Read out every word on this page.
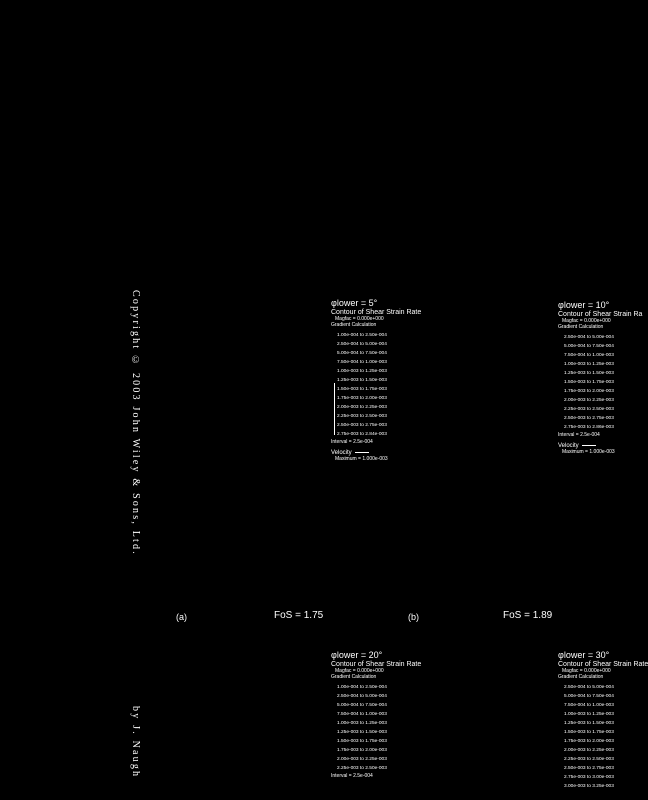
Copyright © 2003 John Wiley & Sons, Ltd.
by J. Naugh
φlower = 5°
Contour of Shear Strain Rate
Magfac = 0.000e+000
Gradient Calculation
1.00e-004 to 2.50e-004
2.50e-004 to 5.00e-004
5.00e-004 to 7.50e-004
7.50e-004 to 1.00e-003
1.00e-003 to 1.25e-003
1.25e-003 to 1.50e-003
1.50e-003 to 1.75e-003
1.75e-003 to 2.00e-003
2.00e-003 to 2.25e-003
2.25e-003 to 2.50e-003
2.50e-003 to 2.75e-003
2.75e-003 to 2.84e-003
Interval = 2.5e-004
Velocity
Maximum = 1.000e-003
φlower = 10°
Contour of Shear Strain Ra
Magfac = 0.000e+000
Gradient Calculation
2.50e-004 to 5.00e-004
5.00e-004 to 7.50e-004
7.50e-004 to 1.00e-003
1.00e-003 to 1.25e-003
1.25e-003 to 1.50e-003
1.50e-003 to 1.75e-003
1.75e-003 to 2.00e-003
2.00e-003 to 2.25e-003
2.25e-003 to 2.50e-003
2.50e-003 to 2.75e-003
2.75e-003 to 2.86e-003
Interval = 2.5e-004
Velocity
Maximum = 1.000e-003
(a)	FoS = 1.75	(b)	FoS = 1.89
φlower = 20°
Contour of Shear Strain Rate
Magfac = 0.000e+000
Gradient Calculation
1.00e-004 to 2.50e-004
2.50e-004 to 5.00e-004
5.00e-004 to 7.50e-004
7.50e-004 to 1.00e-003
1.00e-003 to 1.25e-003
1.25e-003 to 1.50e-003
1.50e-003 to 1.75e-003
1.75e-003 to 2.00e-003
2.00e-003 to 2.25e-003
2.25e-003 to 2.50e-003
Interval = 2.5e-004
φlower = 30°
Contour of Shear Strain Rate
Magfac = 0.000e+000
Gradient Calculation
2.50e-004 to 5.00e-004
5.00e-004 to 7.50e-004
7.50e-004 to 1.00e-003
1.00e-003 to 1.25e-003
1.25e-003 to 1.50e-003
1.50e-003 to 1.75e-003
1.75e-003 to 2.00e-003
2.00e-003 to 2.25e-003
2.25e-003 to 2.50e-003
2.50e-003 to 2.75e-003
2.75e-003 to 3.00e-003
3.00e-003 to 3.25e-003
